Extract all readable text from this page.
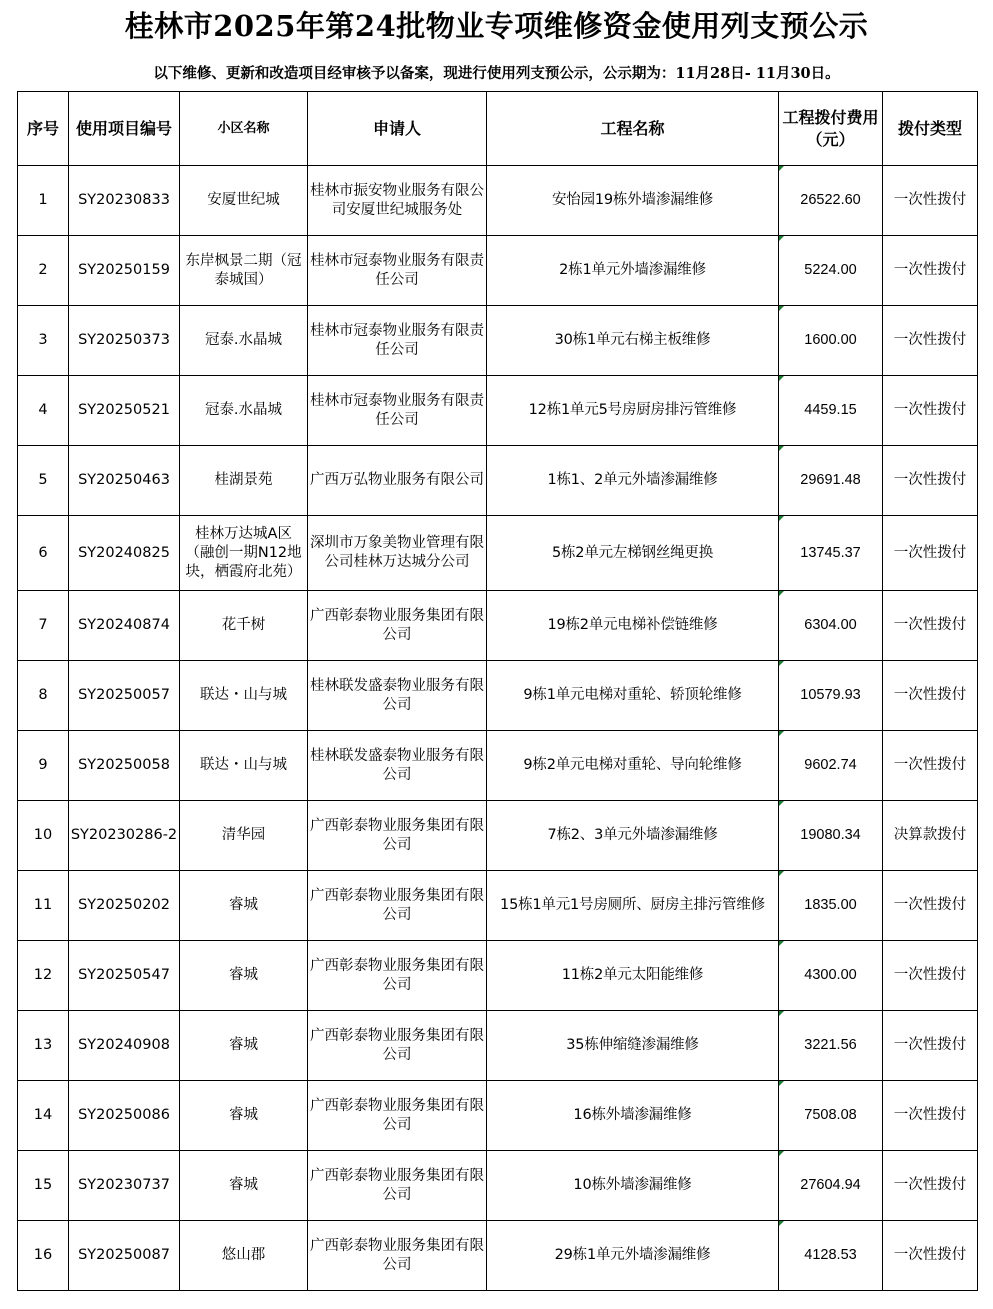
桂林市2025年第24批物业专项维修资金使用列支预公示
以下维修、更新和改造项目经审核予以备案，现进行使用列支预公示，公示期为：11月28日- 11月30日。
序号	使用项目编号	小区名称	申请人	工程名称	工程拨付费用（元）	拨付类型
1	SY20230833	安厦世纪城	桂林市振安物业服务有限公司安厦世纪城服务处	安怡园19栋外墙渗漏维修	26522.60	一次性拨付
2	SY20250159	东岸枫景二期（冠泰城国）	桂林市冠泰物业服务有限责任公司	2栋1单元外墙渗漏维修	5224.00	一次性拨付
3	SY20250373	冠泰.水晶城	桂林市冠泰物业服务有限责任公司	30栋1单元右梯主板维修	1600.00	一次性拨付
4	SY20250521	冠泰.水晶城	桂林市冠泰物业服务有限责任公司	12栋1单元5号房厨房排污管维修	4459.15	一次性拨付
5	SY20250463	桂湖景苑	广西万弘物业服务有限公司	1栋1、2单元外墙渗漏维修	29691.48	一次性拨付
6	SY20240825	桂林万达城A区（融创一期N12地块，栖霞府北苑）	深圳市万象美物业管理有限公司桂林万达城分公司	5栋2单元左梯钢丝绳更换	13745.37	一次性拨付
7	SY20240874	花千树	广西彰泰物业服务集团有限公司	19栋2单元电梯补偿链维修	6304.00	一次性拨付
8	SY20250057	联达・山与城	桂林联发盛泰物业服务有限公司	9栋1单元电梯对重轮、轿顶轮维修	10579.93	一次性拨付
9	SY20250058	联达・山与城	桂林联发盛泰物业服务有限公司	9栋2单元电梯对重轮、导向轮维修	9602.74	一次性拨付
10	SY20230286-2	清华园	广西彰泰物业服务集团有限公司	7栋2、3单元外墙渗漏维修	19080.34	决算款拨付
11	SY20250202	睿城	广西彰泰物业服务集团有限公司	15栋1单元1号房厕所、厨房主排污管维修	1835.00	一次性拨付
12	SY20250547	睿城	广西彰泰物业服务集团有限公司	11栋2单元太阳能维修	4300.00	一次性拨付
13	SY20240908	睿城	广西彰泰物业服务集团有限公司	35栋伸缩缝渗漏维修	3221.56	一次性拨付
14	SY20250086	睿城	广西彰泰物业服务集团有限公司	16栋外墙渗漏维修	7508.08	一次性拨付
15	SY20230737	睿城	广西彰泰物业服务集团有限公司	10栋外墙渗漏维修	27604.94	一次性拨付
16	SY20250087	悠山郡	广西彰泰物业服务集团有限公司	29栋1单元外墙渗漏维修	4128.53	一次性拨付
